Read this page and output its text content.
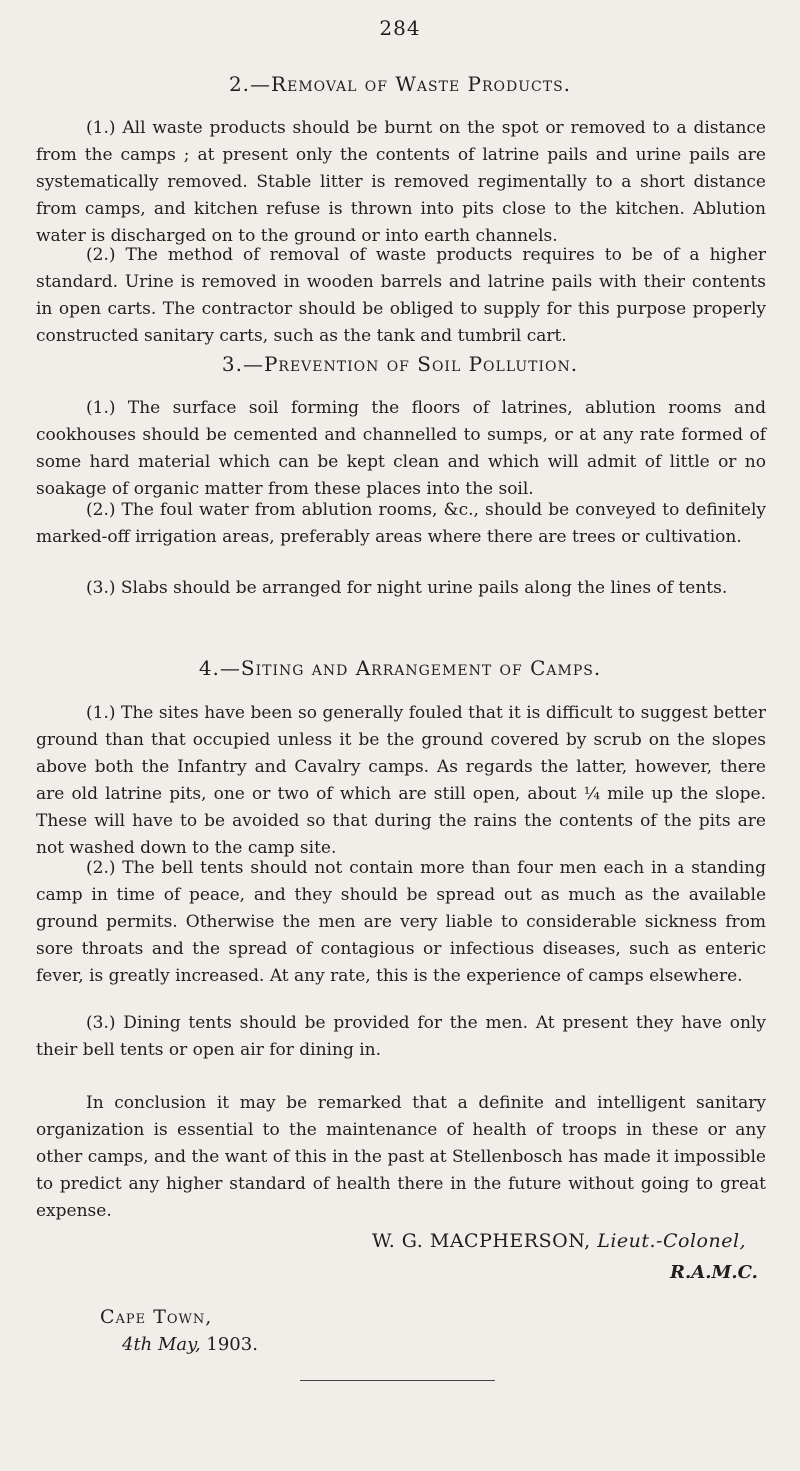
284
2.—Removal of Waste Products.

(1.) All waste products should be burnt on the spot or removed to a distance from the camps ; at present only the contents of latrine pails and urine pails are systematically removed. Stable litter is removed regimentally to a short distance from camps, and kitchen refuse is thrown into pits close to the kitchen. Ablution water is discharged on to the ground or into earth channels.

(2.) The method of removal of waste products requires to be of a higher standard. Urine is removed in wooden barrels and latrine pails with their contents in open carts. The contractor should be obliged to supply for this purpose properly constructed sanitary carts, such as the tank and tumbril cart.

3.—Prevention of Soil Pollution.

(1.) The surface soil forming the floors of latrines, ablution rooms and cookhouses should be cemented and channelled to sumps, or at any rate formed of some hard material which can be kept clean and which will admit of little or no soakage of organic matter from these places into the soil.

(2.) The foul water from ablution rooms, &c., should be conveyed to definitely marked-off irrigation areas, preferably areas where there are trees or cultivation.

(3.) Slabs should be arranged for night urine pails along the lines of tents.

4.—Siting and Arrangement of Camps.

(1.) The sites have been so generally fouled that it is difficult to suggest better ground than that occupied unless it be the ground covered by scrub on the slopes above both the Infantry and Cavalry camps. As regards the latter, however, there are old latrine pits, one or two of which are still open, about ¼ mile up the slope. These will have to be avoided so that during the rains the contents of the pits are not washed down to the camp site.

(2.) The bell tents should not contain more than four men each in a standing camp in time of peace, and they should be spread out as much as the available ground permits. Otherwise the men are very liable to considerable sickness from sore throats and the spread of contagious or infectious diseases, such as enteric fever, is greatly increased. At any rate, this is the experience of camps elsewhere.

(3.) Dining tents should be provided for the men. At present they have only their bell tents or open air for dining in.

In conclusion it may be remarked that a definite and intelligent sanitary organization is essential to the maintenance of health of troops in these or any other camps, and the want of this in the past at Stellenbosch has made it impossible to predict any higher standard of health there in the future without going to great expense.

W. G. MACPHERSON, Lieut.-Colonel,
R.A.M.C.
Cape Town,
4th May, 1903.
